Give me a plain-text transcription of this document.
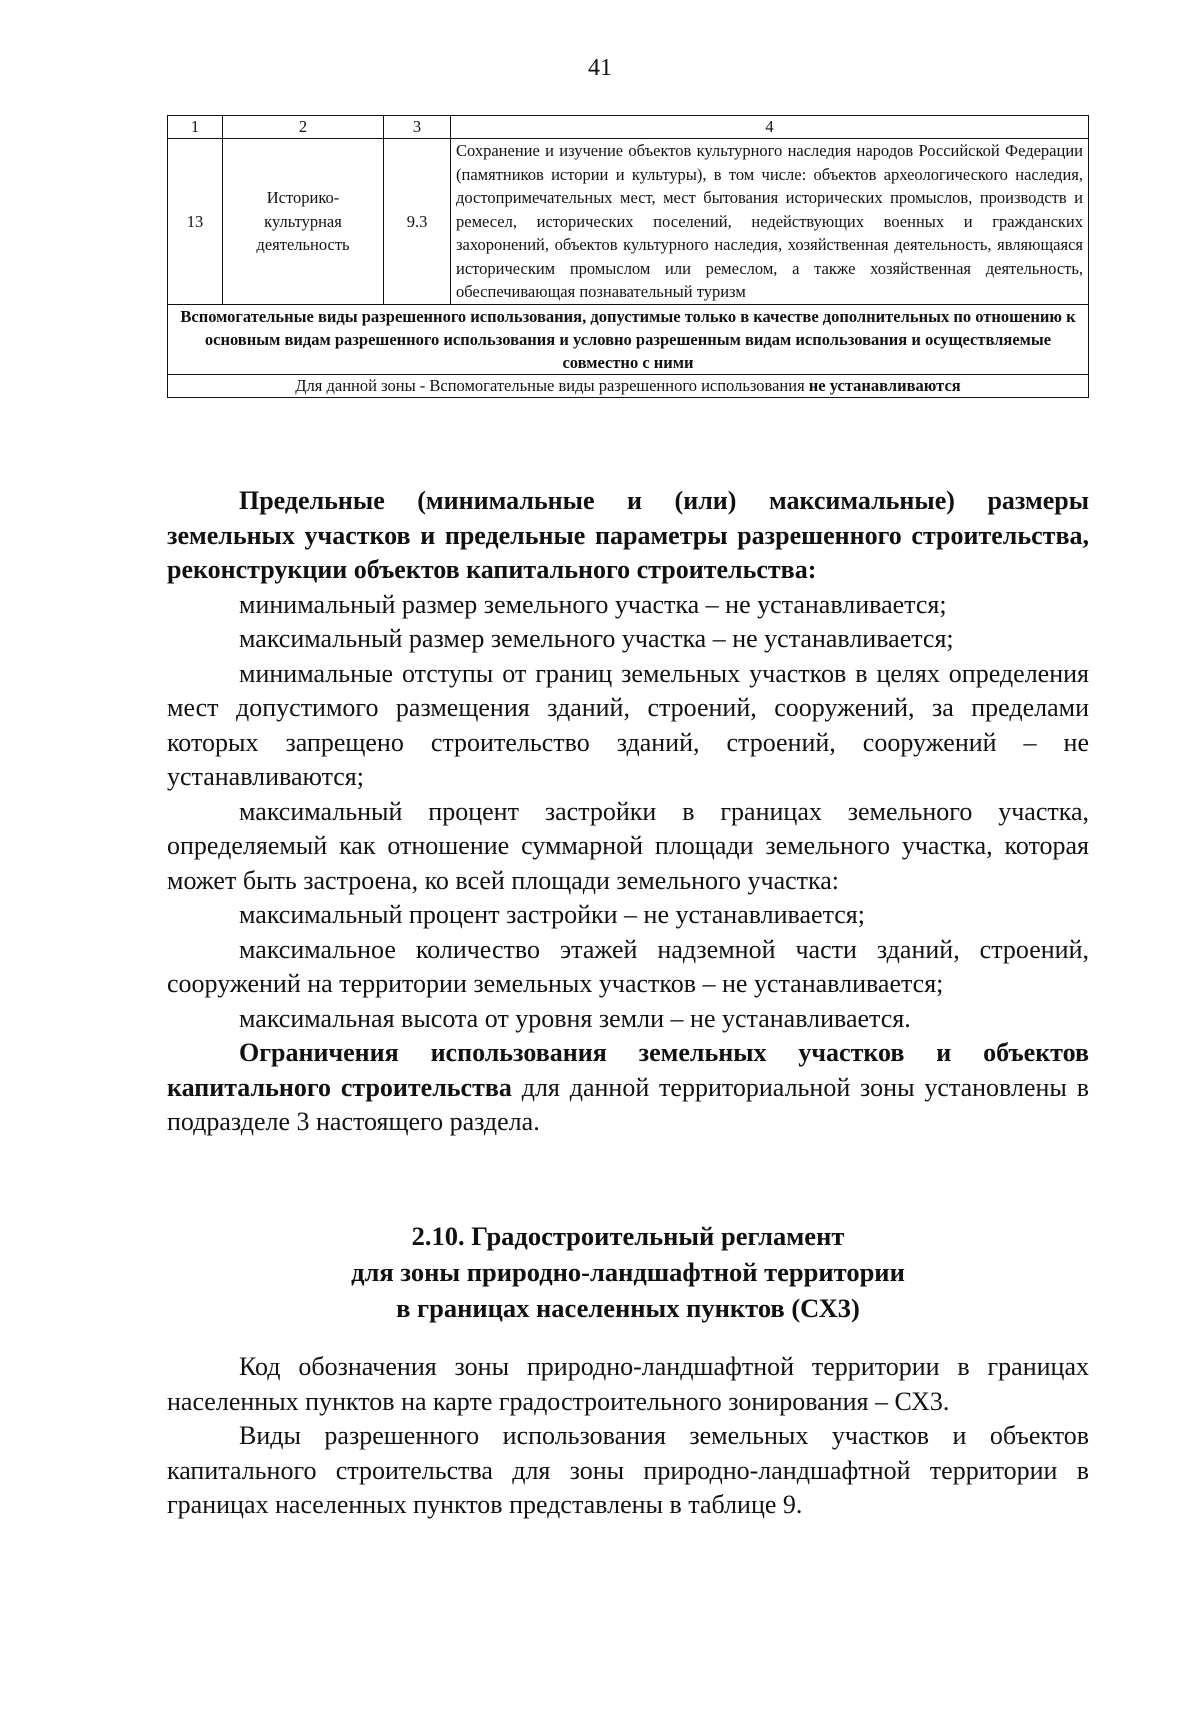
41
1	2	3	4
13	Историко-культурная деятельность	9.3	Сохранение и изучение объектов культурного наследия народов Российской Федерации (памятников истории и культуры), в том числе: объектов археологического наследия, достопримечательных мест, мест бытования исторических промыслов, производств и ремесел, исторических поселений, недействующих военных и гражданских захоронений, объектов культурного наследия, хозяйственная деятельность, являющаяся историческим промыслом или ремеслом, а также хозяйственная деятельность, обеспечивающая познавательный туризм
Вспомогательные виды разрешенного использования, допустимые только в качестве дополнительных по отношению к основным видам разрешенного использования и условно разрешенным видам использования и осуществляемые совместно с ними			
Для данной зоны - Вспомогательные виды разрешенного использования не устанавливаются			

Предельные (минимальные и (или) максимальные) размеры земельных участков и предельные параметры разрешенного строительства, реконструкции объектов капитального строительства:

минимальный размер земельного участка – не устанавливается;

максимальный размер земельного участка – не устанавливается;

минимальные отступы от границ земельных участков в целях определения мест допустимого размещения зданий, строений, сооружений, за пределами которых запрещено строительство зданий, строений, сооружений – не устанавливаются;

максимальный процент застройки в границах земельного участка, определяемый как отношение суммарной площади земельного участка, которая может быть застроена, ко всей площади земельного участка:

максимальный процент застройки – не устанавливается;

максимальное количество этажей надземной части зданий, строений, сооружений на территории земельных участков – не устанавливается;

максимальная высота от уровня земли – не устанавливается.

Ограничения использования земельных участков и объектов капитального строительства для данной территориальной зоны установлены в подразделе 3 настоящего раздела.

2.10. Градостроительный регламент
для зоны природно-ландшафтной территории
в границах населенных пунктов (СХ3)

Код обозначения зоны природно-ландшафтной территории в границах населенных пунктов на карте градостроительного зонирования – СХ3.

Виды разрешенного использования земельных участков и объектов капитального строительства для зоны природно-ландшафтной территории в границах населенных пунктов представлены в таблице 9.
